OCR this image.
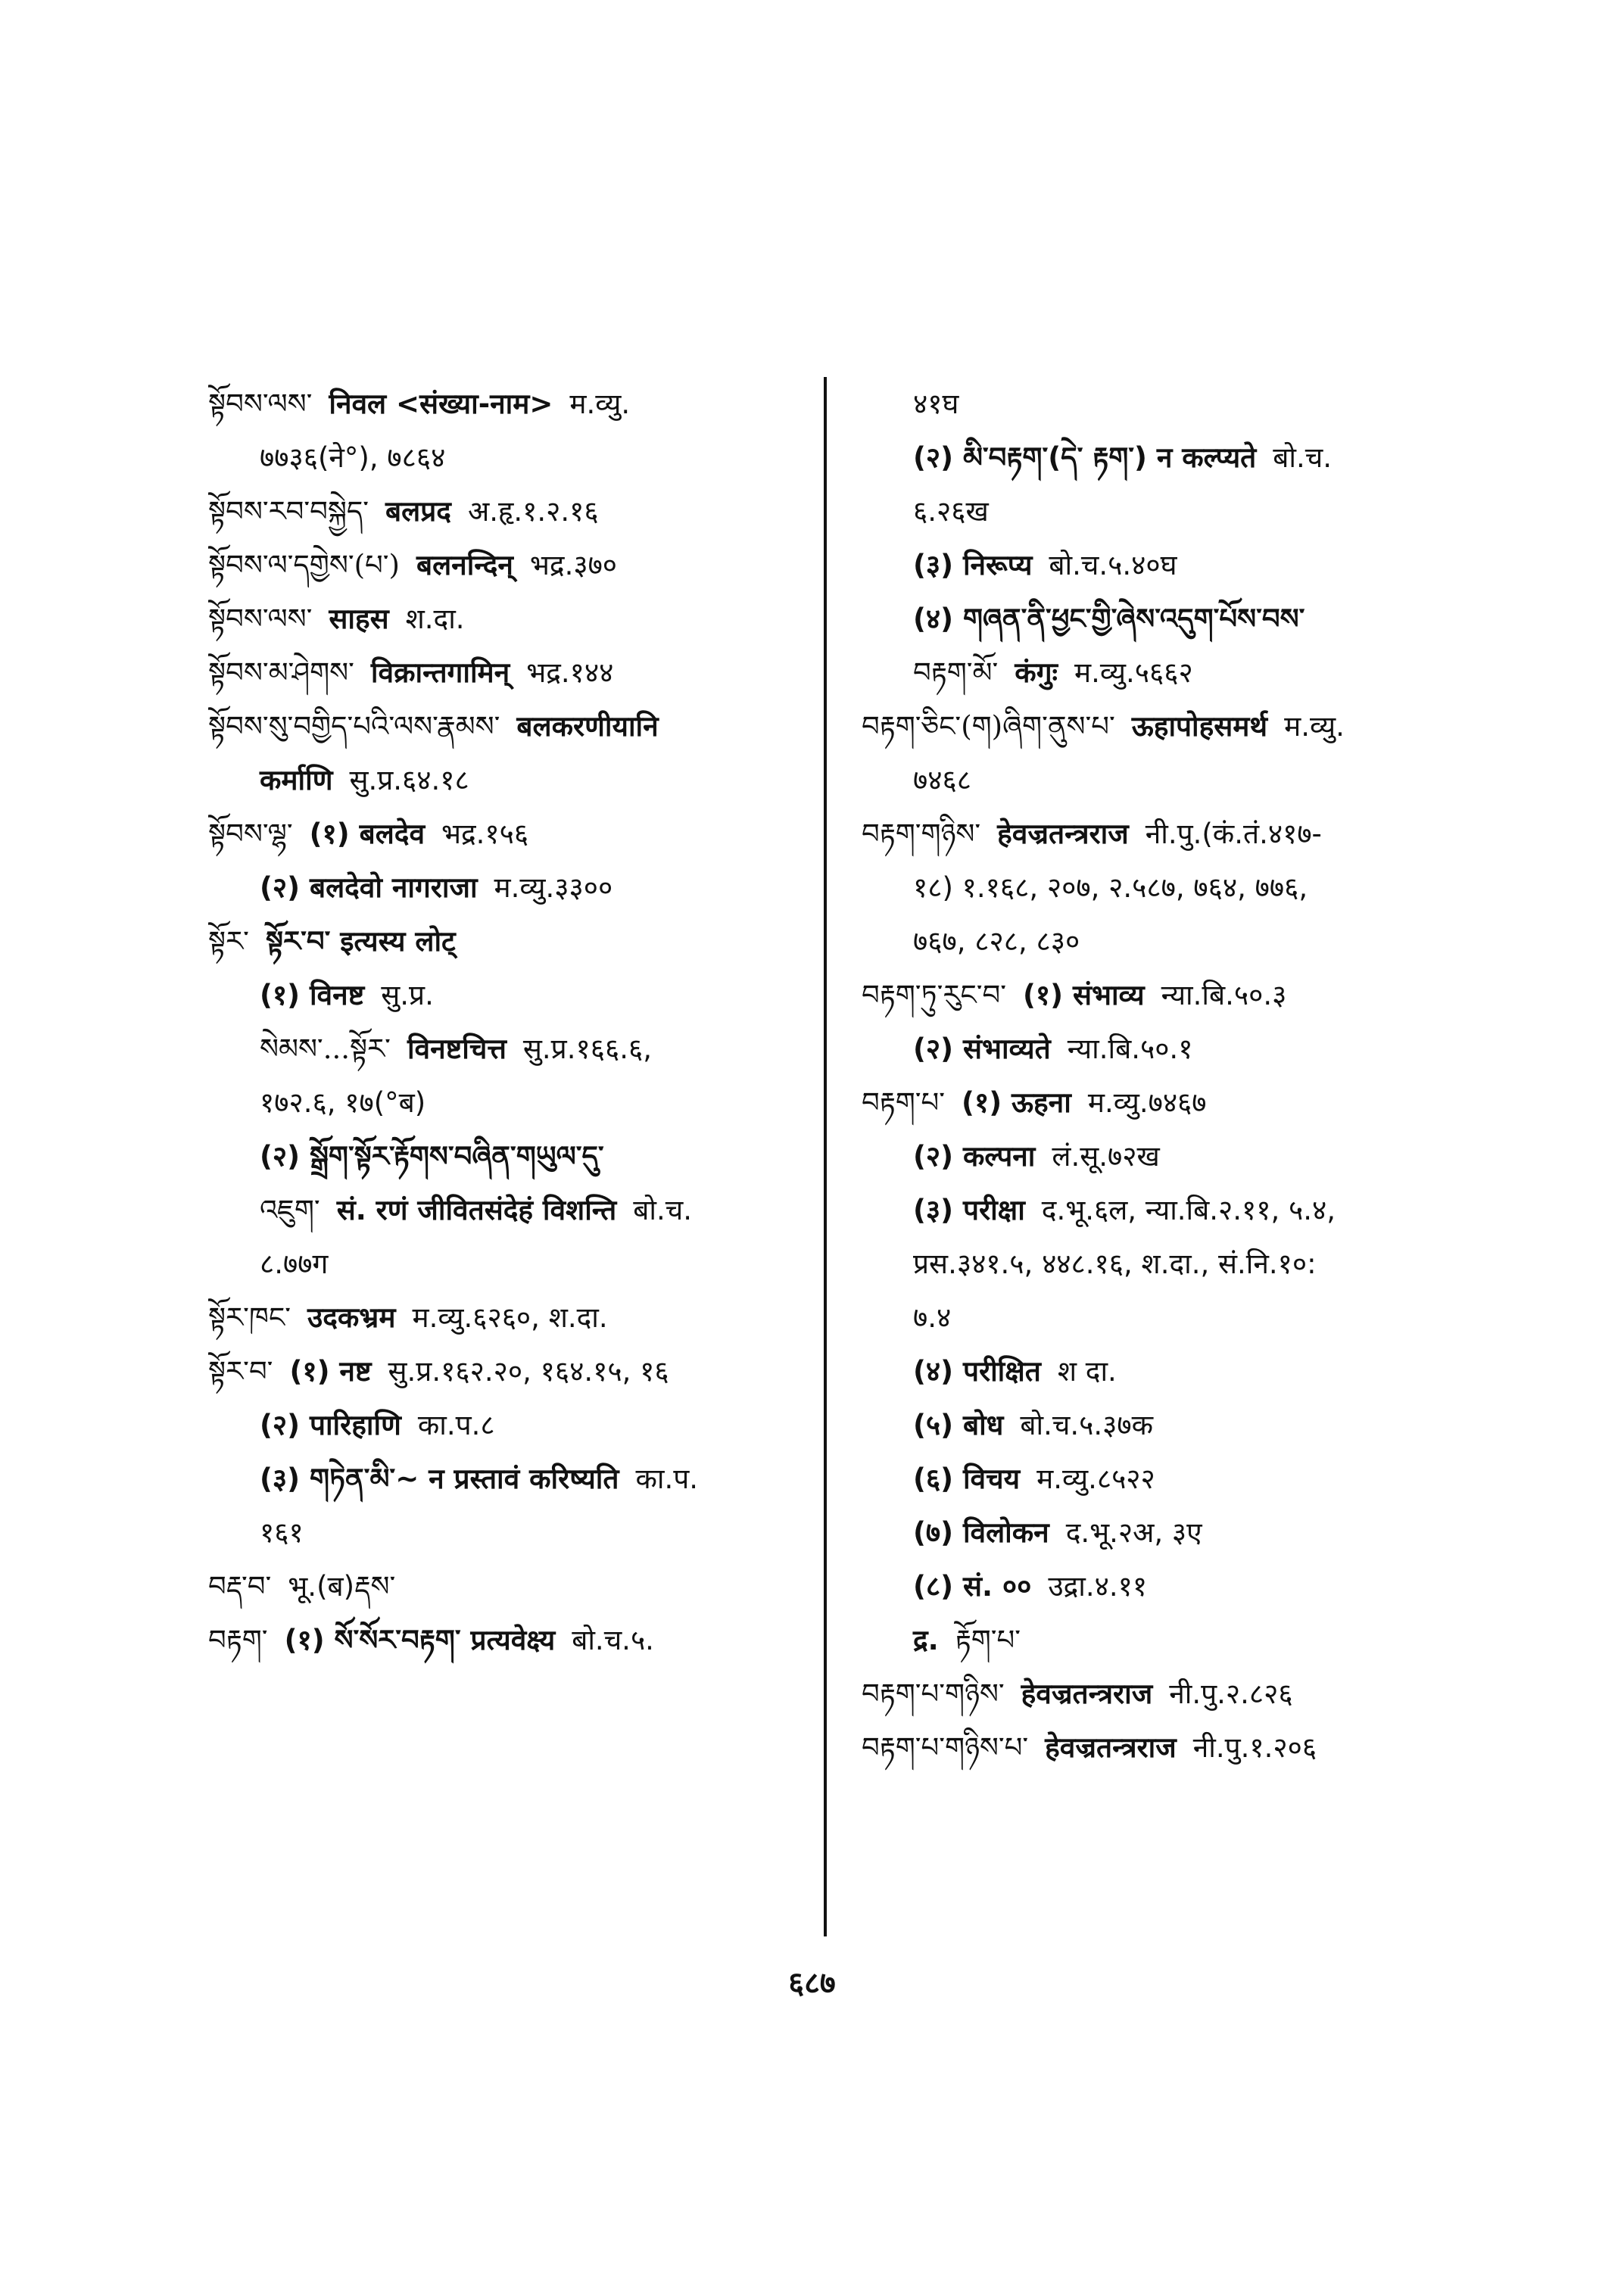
སྟོབས་ལས་ निवल <संख्या-नाम> म.व्यु.
७७३६(ने°), ७८६४
སྟོབས་རབ་བསྐྱེད་ बलप्रद अ.हृ.१.२.१६
སྟོབས་ལ་དགྱེས་(པ་) बलनन्दिन् भद्र.३७०
སྟོབས་ལས་ साहस श.दा.
སྟོབས་མ་ཤེགས་ विक्रान्तगामिन् भद्र.१४४
སྟོབས་སུ་བགྱིད་པའི་ལས་རྣམས་ बलकरणीयानि
कर्माणि सु.प्र.६४.१८
སྟོབས་ལྷ་ (१) बलदेव भद्र.१५६
(२) बलदेवो नागराजा म.व्यु.३३००
སྟོར་ སྟོར་བ་ इत्यस्य लोट्
(१) विनष्ट सु.प्र.
སེམས་...སྟོར་ विनष्टचित्त सु.प्र.१६६.६,
१७२.६, १७(°ब)
(२) སྒྲོག་སྟོར་རྟོགས་བཞིན་གཡུལ་དུ་
འཇུག་ सं. रणं जीवितसंदेहं विशन्ति बो.च.
८.७७ग
སྟོར་ཁང་ उदकभ्रम म.व्यु.६२६०, श.दा.
སྟོར་བ་ (१) नष्ट सु.प्र.१६२.२०, १६४.१५, १६
(२) पारिहाणि का.प.८
(३) གཏེན་མི་~ न प्रस्तावं करिष्यति का.प.
१६१
བརྡ་བ་ भू.(ब)རྡས་
བརྟག་ (१) སོ་སོར་བརྟག་ प्रत्यवेक्ष्य बो.च.५.
४१घ
(२) མི་བརྟག་(དེ་ རྟག་) न कल्प्यते बो.च.
६.२६ख
(३) निरूप्य बो.च.५.४०घ
(४) གཞན་ནི་ཕྱང་གྱི་ཞེས་འདུག་པོས་བས་
བརྟག་མོ་ कंगुः म.व्यु.५६६२
བརྟག་ཅིང་(ག)ཞིག་ནུས་པ་ ऊहापोहसमर्थ म.व्यु.
७४६८
བརྟག་གཉིས་ हेवज्रतन्त्रराज नी.पु.(कं.तं.४१७-
१८) १.१६८, २०७, २.५८७, ७६४, ७७६,
७६७, ८२८, ८३०
བརྟག་ཏུ་རུང་བ་ (१) संभाव्य न्या.बि.५०.३
(२) संभाव्यते न्या.बि.५०.१
བརྟག་པ་ (१) ऊहना म.व्यु.७४६७
(२) कल्पना लं.सू.७२ख
(३) परीक्षा द.भू.६ल, न्या.बि.२.११, ५.४,
प्रस.३४१.५, ४४८.१६, श.दा., सं.नि.१०:
७.४
(४) परीक्षित श दा.
(५) बोध बो.च.५.३७क
(६) विचय म.व्यु.८५२२
(७) विलोकन द.भू.२अ, ३ए
(८) सं. ०० उद्रा.४.११
द्र. རྟོག་པ་
བརྟག་པ་གཉིས་ हेवज्रतन्त्रराज नी.पु.२.८२६
བརྟག་པ་གཉིས་པ་ हेवज्रतन्त्रराज नी.पु.१.२०६
६८७
